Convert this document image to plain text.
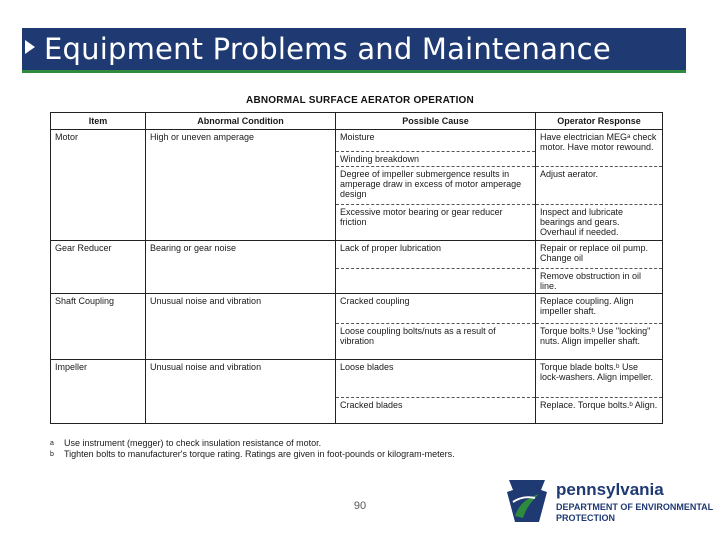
Equipment Problems and Maintenance
ABNORMAL SURFACE AERATOR OPERATION
Item	Abnormal Condition	Possible Cause	Operator Response
Motor	High or uneven amperage	Moisture	Have electrician MEGᵃ check motor. Have motor rewound.
		Winding breakdown	
		Degree of impeller submergence results in amperage draw in excess of motor amperage design	Adjust aerator.
		Excessive motor bearing or gear reducer friction	Inspect and lubricate bearings and gears. Overhaul if needed.
Gear Reducer	Bearing or gear noise	Lack of proper lubrication	Repair or replace oil pump. Change oil
			Remove obstruction in oil line.
Shaft Coupling	Unusual noise and vibration	Cracked coupling	Replace coupling. Align impeller shaft.
		Loose coupling bolts/nuts as a result of vibration	Torque bolts.ᵇ Use "locking" nuts. Align impeller shaft.
Impeller	Unusual noise and vibration	Loose blades	Torque blade bolts.ᵇ Use lock-washers. Align impeller.
		Cracked blades	Replace. Torque bolts.ᵇ Align.
a Use instrument (megger) to check insulation resistance of motor.
b Tighten bolts to manufacturer's torque rating. Ratings are given in foot-pounds or kilogram-meters.
90
pennsylvania
DEPARTMENT OF ENVIRONMENTAL
PROTECTION
